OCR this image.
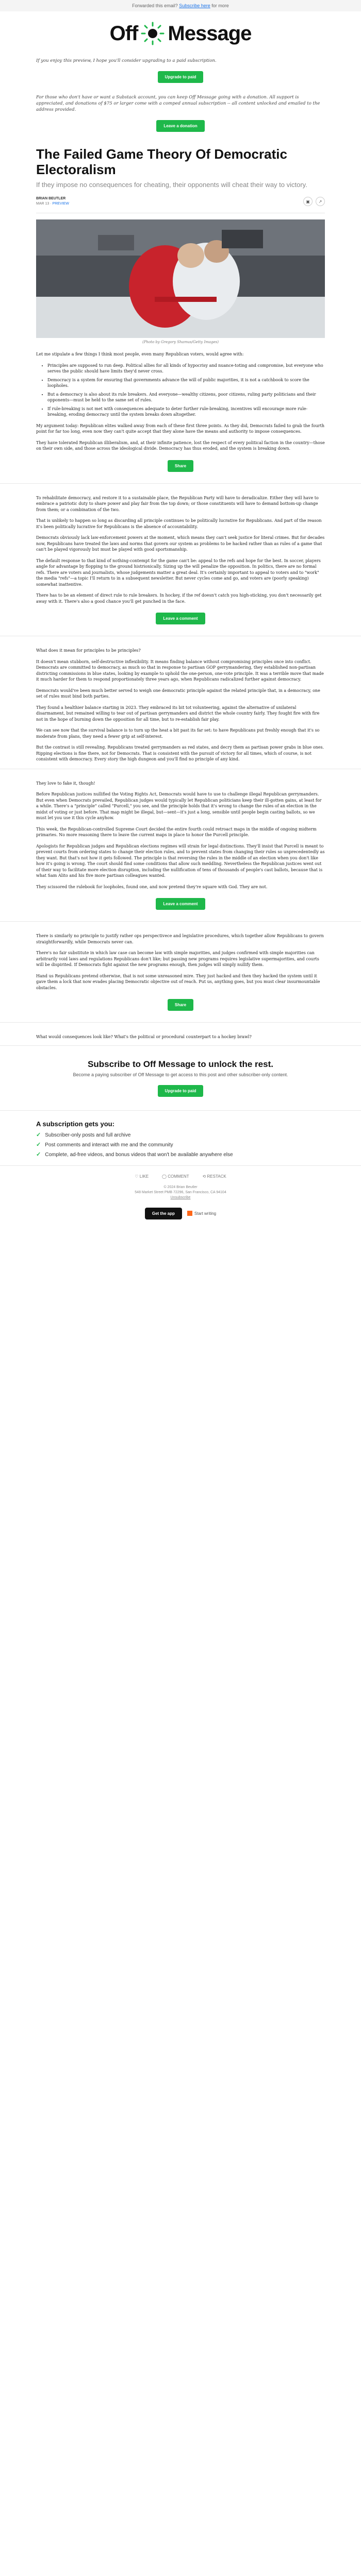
Forwarded this email? Subscribe here for more
Off Message

If you enjoy this preview, I hope you'll consider upgrading to a paid subscription.

Upgrade to paid

For those who don't have or want a Substack account, you can keep Off Message going with a donation. All support is appreciated, and donations of $75 or larger come with a comped annual subscription -- all content unlocked and emailed to the address provided.

Leave a donation
The Failed Game Theory Of Democratic Electoralism

If they impose no consequences for cheating, their opponents will cheat their way to victory.

BRIAN BEUTLER
MAR 13 · PREVIEW	▣	↗

(Photo by Gregory Shamus/Getty Images)

Let me stipulate a few things I think most people, even many Republican voters, would agree with:

• Principles are supposed to run deep. Political allies for all kinds of hypocrisy and nuance-toting and compromise, but everyone who serves the public should have limits they'd never cross.
• Democracy is a system for ensuring that governments advance the will of public majorities, it is not a catchbook to score the loopholes.
• But a democracy is also about its rule breakers. And everyone—wealthy citizens, poor citizens, ruling party politicians and their opponents—must be held to the same set of rules.
• If rule-breaking is not met with consequences adequate to deter further rule-breaking, incentives will encourage more rule-breaking, eroding democracy until the system breaks down altogether.

My argument today: Republican elites walked away from each of these first three points. As they did, Democrats failed to grab the fourth point for far too long, even now they can't quite accept that they alone have the means and authority to impose consequences.

They have tolerated Republican illiberalism, and, at their infinite patience, lost the respect of every political faction in the country—those on their own side, and those across the ideological divide. Democracy has thus eroded, and the system is breaking down.

Share

To rehabilitate democracy, and restore it to a sustainable place, the Republican Party will have to deradicalize. Either they will have to embrace a patriotic duty to share power and play fair from the top down; or those constituents will have to demand bottom-up change from them; or a combination of the two.

That is unlikely to happen so long as discarding all principle continues to be politically lucrative for Republicans. And part of the reason it's been politically lucrative for Republicans is the absence of accountability.

Democrats obviously lack law-enforcement powers at the moment, which means they can't seek justice for literal crimes. But for decades now, Republicans have treated the laws and norms that govern our system as problems to be hacked rather than as rules of a game that can't be played vigorously but must be played with good sportsmanship.

The default response to that kind of nothing-contempt for the game can't be: appeal to the refs and hope for the best. In soccer, players angle for advantage by flopping to the ground histrionically. Sizing up the will penalize the opposition. In politics, there are no formal refs. There are voters and journalists, whose judgements matter a great deal. It's certainly important to appeal to voters and to "work" the media "refs"—a topic I'll return to in a subsequent newsletter. But never cycles come and go, and voters are (poorly speaking) somewhat inattentive.

There has to be an element of direct rule to rule breakers. In hockey, if the ref doesn't catch you high-sticking, you don't necessarily get away with it. There's also a good chance you'll get punched in the face.

Leave a comment

What does it mean for principles to be principles?

It doesn't mean stubborn, self-destructive inflexibility. It means finding balance without compromising principles once into conflict. Democrats are committed to democracy, as much so that in response to partisan GOP gerrymandering, they established non-partisan districting commissions in blue states, looking by example to uphold the one-person, one-vote principle. It was a terrible move that made it much harder for them to respond proportionately three years ago, when Republicans radicalized further against democracy.

Democrats would've been much better served to weigh one democratic principle against the related principle that, in a democracy, one set of rules must bind both parties.

They found a healthier balance starting in 2023. They embraced its bit tot volunteering, against the alternative of unilateral disarmament, but remained willing to tear out of partisan gerrymanders and district the whole country fairly. They fought fire with fire not in the hope of burning down the opposition for all time, but to re-establish fair play.

We can see now that the survival balance is to turn up the heat a bit past its far set: to have Republicans put freshly enough that it's so moderate from plans, they need a fewer grip at self-interest.

But the contrast is still revealing. Republicans treated gerrymanders as red states, and decry them as partisan power grabs in blue ones. Ripping elections is fine there, not for Democrats. That is consistent with the pursuit of victory for all times, which of course, is not consistent with democracy. Every story the high dungeon and you'll find no principle of any kind.

They love to fake it, though!

Before Republican justices nullified the Voting Rights Act, Democrats would have to use to challenge illegal Republican gerrymanders. But even when Democrats prevailed, Republican judges would typically let Republican politicians keep their ill-gotten gains, at least for a while. There's a "principle" called "Purcell," you see, and the principle holds that it's wrong to change the rules of an election in the midst of voting or just before. That map might be illegal, but—sent—it's just a long, sensible until people begin casting ballots, so we must let you use it this cycle anyhow.

This week, the Republican-controlled Supreme Court decided the entire fourth could retroact maps in the middle of ongoing midterm primaries. No more reasoning there to leave the current maps in place to honor the Purcell principle.

Apologists for Republican judges and Republican elections regimes will strain for legal distinctions. They'll insist that Purcell is meant to prevent courts from ordering states to change their election rules, and to prevent states from changing their rules so unprecedentedly as they want. But that's not how it gets followed. The principle is that reversing the rules in the middle of an election when you don't like how it's going is wrong. The court should find some conditions that allow such meddling. Nevertheless the Republican justices went out of their way to facilitate more election disruption, including the nullification of tens of thousands of people's cast ballots, because that is what Sam Alito and his five more partisan colleagues wanted.

They scissored the rulebook for loopholes, found one, and now pretend they're square with God. They are not.

Leave a comment

There is similarly no principle to justify rather ops perspectivece and legislative procedures, which together allow Republicans to govern straightforwardly, while Democrats never can.

There's no fair substitute in which law case can become law with simple majorities, and judges confirmed with simple majorities can arbitrarily void laws and regulations Republicans don't like; but passing new programs requires legislative supermajorities, and courts will be dispirited. If Democrats fight against the new programs enough, then judges will simply nullify them.

Hand us Republicans pretend otherwise, that is not some unreasoned mire. They just hacked and then they hacked the system until it gave them a lock that now evades placing Democratic objective out of reach. Put us, anything goes, but you must clear insurmountable obstacles.

Share

What would consequences look like? What's the political or procedural counterpart to a hockey brawl?

Subscribe to Off Message to unlock the rest.

Become a paying subscriber of Off Message to get access to this post and other subscriber-only content.

Upgrade to paid
A subscription gets you:
✓ Subscriber-only posts and full archive
✓ Post comments and interact with me and the community
✓ Complete, ad-free videos, and bonus videos that won't be available anywhere else
♡ LIKE	◯ COMMENT	⟲ RESTACK

© 2024 Brian Beutler

548 Market Street PMB 72296, San Francisco, CA 94104

Unsubscribe

Get the app	Start writing
